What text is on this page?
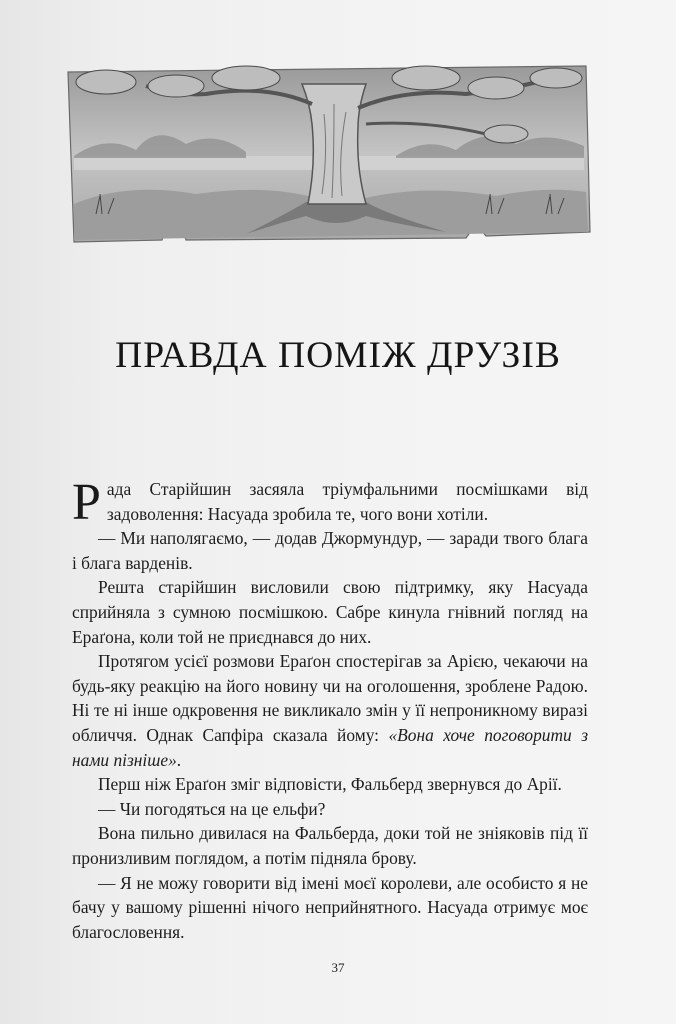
ПРАВДА ПОМІЖ ДРУЗІВ

Рада Старійшин засяяла тріумфальними посмішками від задоволення: Насуада зробила те, чого вони хотіли.

— Ми наполягаємо, — додав Джормундур, — заради твого блага і блага варденів.

Решта старійшин висловили свою підтримку, яку Насуада сприйняла з сумною посмішкою. Сабре кинула гнівний погляд на Ераґона, коли той не приєднався до них.

Протягом усієї розмови Ераґон спостерігав за Арією, чекаючи на будь-яку реакцію на його новину чи на оголошення, зроблене Радою. Ні те ні інше одкровення не викликало змін у її непроникному виразі обличчя. Однак Сапфіра сказала йому: «Вона хоче поговорити з нами пізніше».

Перш ніж Ераґон зміг відповісти, Фальберд звернувся до Арії.

— Чи погодяться на це ельфи?

Вона пильно дивилася на Фальберда, доки той не зніяковів під її пронизливим поглядом, а потім підняла брову.

— Я не можу говорити від імені моєї королеви, але особисто я не бачу у вашому рішенні нічого неприйнятного. Насуада отримує моє благословення.

37
